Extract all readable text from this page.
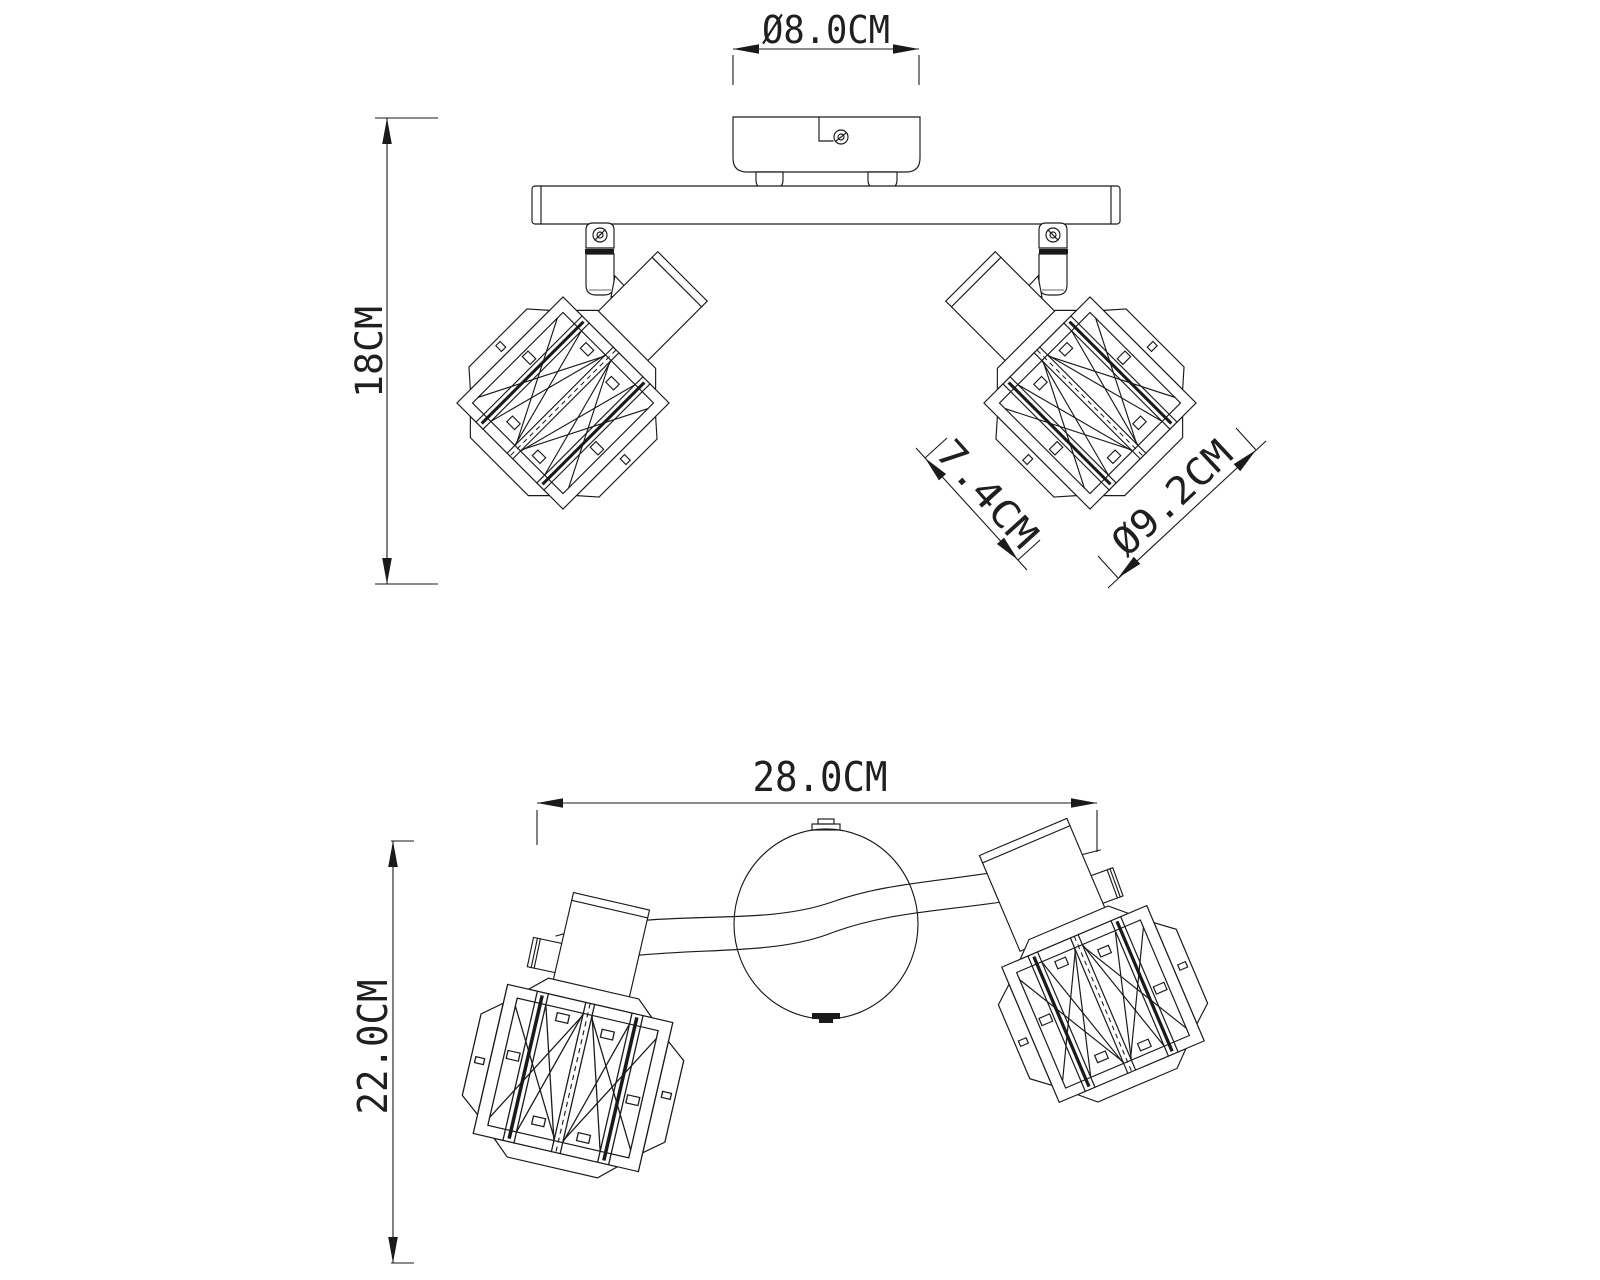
Ø8.0CM
18CM
7.4CM Ø9.2CM
28.0CM
22.0CM
